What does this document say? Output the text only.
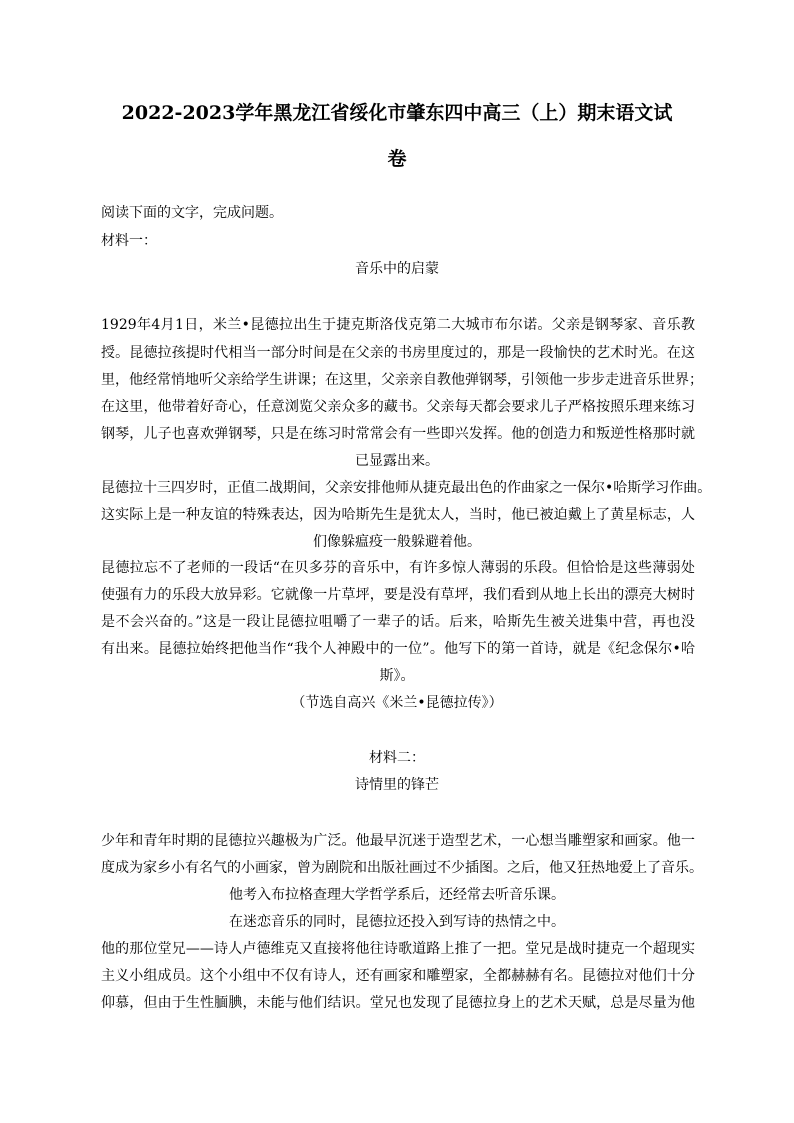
2022-2023学年黑龙江省绥化市肇东四中高三（上）期末语文试
卷

阅读下面的文字，完成问题。

材料一：

音乐中的启蒙

1929年4月1日，米兰•昆德拉出生于捷克斯洛伐克第二大城市布尔诺。父亲是钢琴家、音乐教

授。昆德拉孩提时代相当一部分时间是在父亲的书房里度过的，那是一段愉快的艺术时光。在这

里，他经常悄地听父亲给学生讲课；在这里，父亲亲自教他弹钢琴，引领他一步步走进音乐世界；

在这里，他带着好奇心，任意浏览父亲众多的藏书。父亲每天都会要求儿子严格按照乐理来练习

钢琴，儿子也喜欢弹钢琴，只是在练习时常常会有一些即兴发挥。他的创造力和叛逆性格那时就

已显露出来。

昆德拉十三四岁时，正值二战期间，父亲安排他师从捷克最出色的作曲家之一保尔•哈斯学习作曲。

这实际上是一种友谊的特殊表达，因为哈斯先生是犹太人，当时，他已被迫戴上了黄星标志，人

们像躲瘟疫一般躲避着他。

昆德拉忘不了老师的一段话“在贝多芬的音乐中，有许多惊人薄弱的乐段。但恰恰是这些薄弱处

使强有力的乐段大放异彩。它就像一片草坪，要是没有草坪，我们看到从地上长出的漂亮大树时

是不会兴奋的。”这是一段让昆德拉咀嚼了一辈子的话。后来，哈斯先生被关进集中营，再也没

有出来。昆德拉始终把他当作“我个人神殿中的一位”。他写下的第一首诗，就是《纪念保尔•哈

斯》。

（节选自高兴《米兰•昆德拉传》）

材料二：

诗情里的锋芒

少年和青年时期的昆德拉兴趣极为广泛。他最早沉迷于造型艺术，一心想当雕塑家和画家。他一

度成为家乡小有名气的小画家，曾为剧院和出版社画过不少插图。之后，他又狂热地爱上了音乐。

他考入布拉格查理大学哲学系后，还经常去听音乐课。

在迷恋音乐的同时，昆德拉还投入到写诗的热情之中。

他的那位堂兄——诗人卢德维克又直接将他往诗歌道路上推了一把。堂兄是战时捷克一个超现实

主义小组成员。这个小组中不仅有诗人，还有画家和雕塑家，全都赫赫有名。昆德拉对他们十分

仰慕，但由于生性腼腆，未能与他们结识。堂兄也发现了昆德拉身上的艺术天赋，总是尽量为他
